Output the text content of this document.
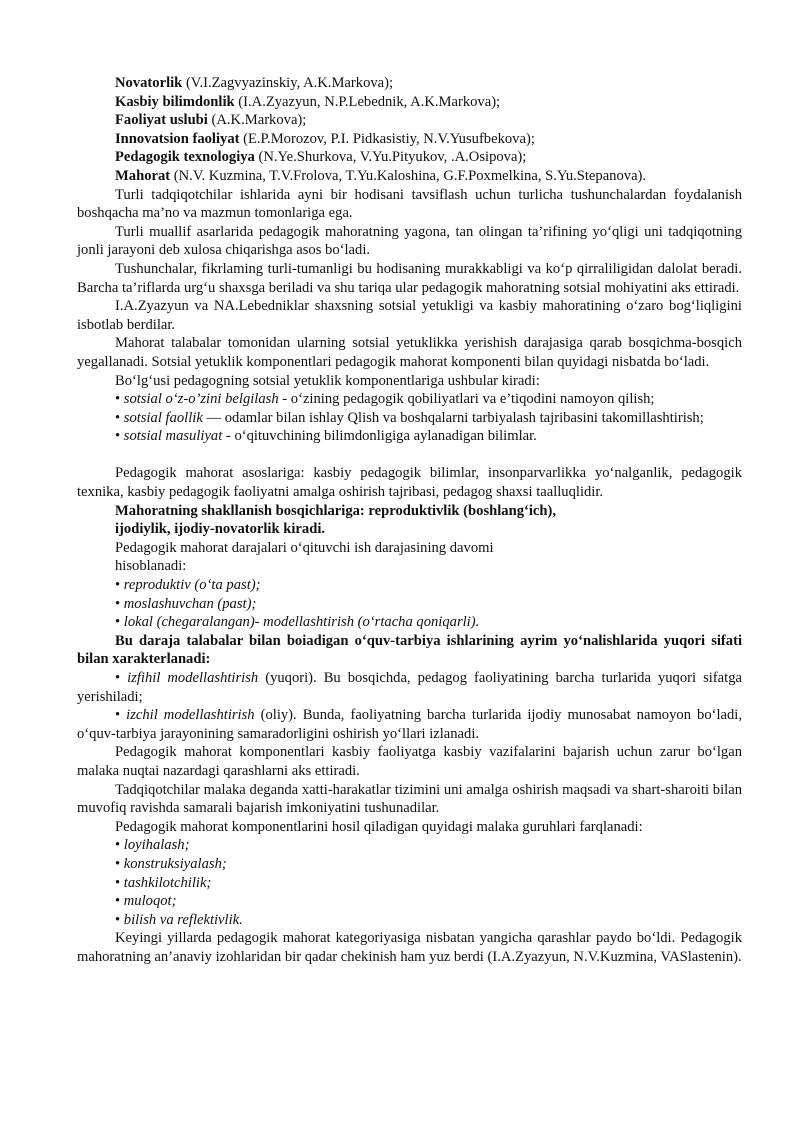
Novatorlik (V.I.Zagvyazinskiy, A.K.Markova);

Kasbiy bilimdonlik (I.A.Zyazyun, N.P.Lebednik, A.K.Markova);

Faoliyat uslubi (A.K.Markova);

Innovatsion faoliyat (E.P.Morozov, P.I. Pidkasistiy, N.V.Yusufbekova);

Pedagogik texnologiya (N.Ye.Shurkova, V.Yu.Pityukov, .A.Osipova);

Mahorat (N.V. Kuzmina, T.V.Frolova, T.Yu.Kaloshina, G.F.Poxmelkina, S.Yu.Stepanova).

Turli tadqiqotchilar ishlarida ayni bir hodisani tavsiflash uchun turlicha tushunchalardan foydalanish boshqacha ma’no va mazmun tomonlariga ega.

Turli muallif asarlarida pedagogik mahoratning yagona, tan olingan ta’rifining yo‘qligi uni tadqiqotning jonli jarayoni deb xulosa chiqarishga asos bo‘ladi.

Tushunchalar, fikrlaming turli-tumanligi bu hodisaning murakkabligi va ko‘p qirraliligidan dalolat beradi. Barcha ta’riflarda urg‘u shaxsga beriladi va shu tariqa ular pedagogik mahoratning sotsial mohiyatini aks ettiradi.

I.A.Zyazyun va NA.Lebedniklar shaxsning sotsial yetukligi va kasbiy mahoratining o‘zaro bog‘liqligini isbotlab berdilar.

Mahorat talabalar tomonidan ularning sotsial yetuklikka yerishish darajasiga qarab bosqichma-bosqich yegallanadi. Sotsial yetuklik komponentlari pedagogik mahorat komponenti bilan quyidagi nisbatda bo‘ladi.

Bo‘lg‘usi pedagogning sotsial yetuklik komponentlariga ushbular kiradi:

• sotsial o‘z-o’zini belgilash - o‘zining pedagogik qobiliyatlari va e’tiqodini namoyon qilish;

• sotsial faollik — odamlar bilan ishlay Qlish va boshqalarni tarbiyalash tajribasini takomillashtirish;

• sotsial masuliyat - o‘qituvchining bilimdonligiga aylanadigan bilimlar.

Pedagogik mahorat asoslariga: kasbiy pedagogik bilimlar, insonparvarlikka yo‘nalganlik, pedagogik texnika, kasbiy pedagogik faoliyatni amalga oshirish tajribasi, pedagog shaxsi taalluqlidir.

Mahoratning shakllanish bosqichlariga: reproduktivlik (boshlang‘ich),

ijodiylik, ijodiy-novatorlik kiradi.

Pedagogik mahorat darajalari o‘qituvchi ish darajasining davomi

hisoblanadi:

• reproduktiv (o‘ta past);

• moslashuvchan (past);

• lokal (chegaralangan)- modellashtirish (o‘rtacha qoniqarli).

Bu daraja talabalar bilan boiadigan o‘quv-tarbiya ishlarining ayrim yo‘nalishlarida yuqori sifati bilan xarakterlanadi:

• izfihil modellashtirish (yuqori). Bu bosqichda, pedagog faoliyatining barcha turlarida yuqori sifatga yerishiladi;

• izchil modellashtirish (oliy). Bunda, faoliyatning barcha turlarida ijodiy munosabat namoyon bo‘ladi, o‘quv-tarbiya jarayonining samaradorligini oshirish yo‘llari izlanadi.

Pedagogik mahorat komponentlari kasbiy faoliyatga kasbiy vazifalarini bajarish uchun zarur bo‘lgan malaka nuqtai nazardagi qarashlarni aks ettiradi.

Tadqiqotchilar malaka deganda xatti-harakatlar tizimini uni amalga oshirish maqsadi va shart-sharoiti bilan muvofiq ravishda samarali bajarish imkoniyatini tushunadilar.

Pedagogik mahorat komponentlarini hosil qiladigan quyidagi malaka guruhlari farqlanadi:

• loyihalash;

• konstruksiyalash;

• tashkilotchilik;

• muloqot;

• bilish va reflektivlik.

Keyingi yillarda pedagogik mahorat kategoriyasiga nisbatan yangicha qarashlar paydo bo‘ldi. Pedagogik mahoratning an’anaviy izohlaridan bir qadar chekinish ham yuz berdi (I.A.Zyazyun, N.V.Kuzmina, VASlastenin).
